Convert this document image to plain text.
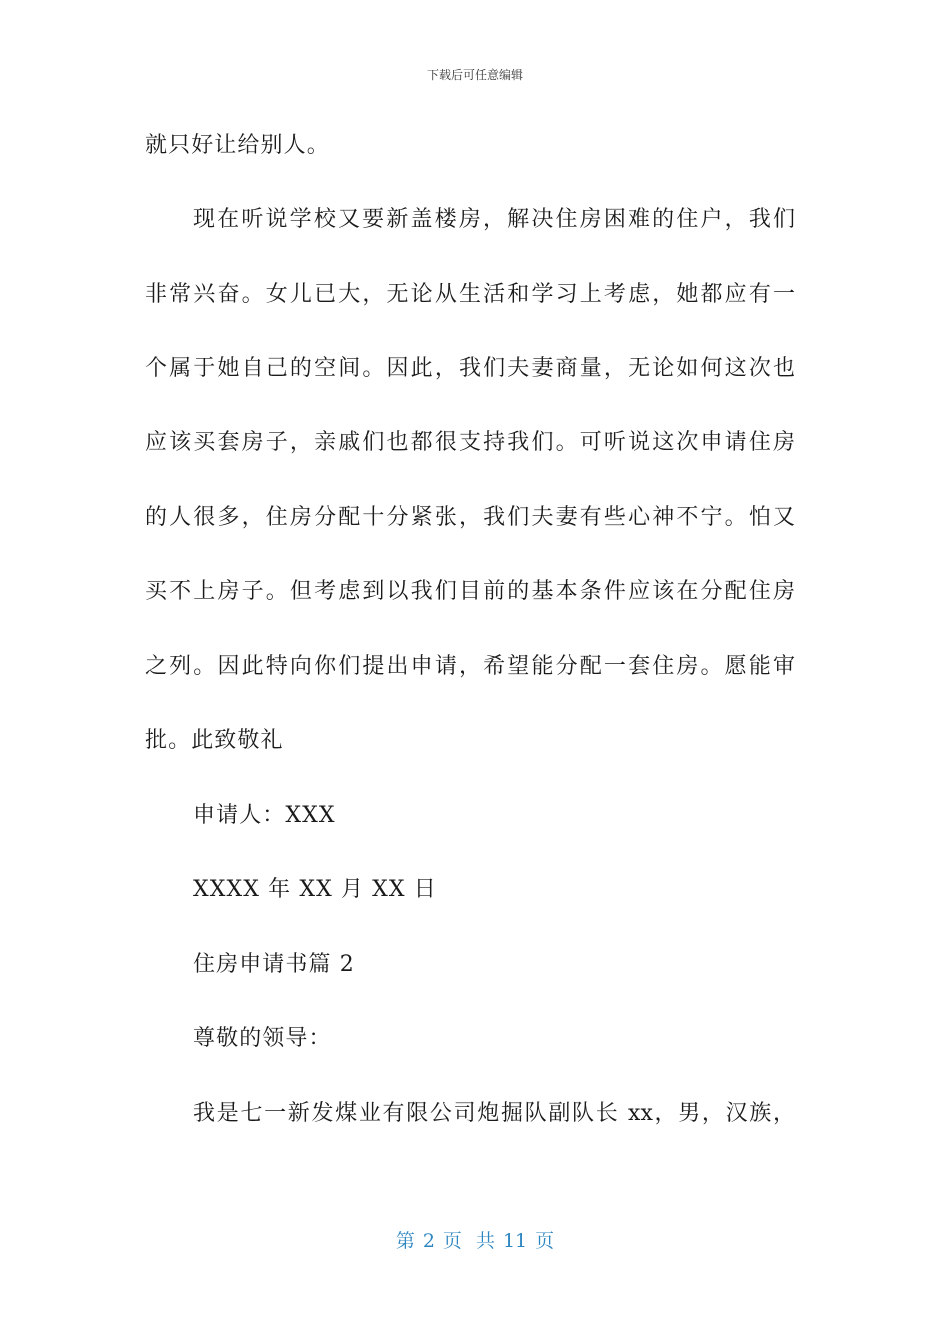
下载后可任意编辑
就只好让给别人。
现在听说学校又要新盖楼房，解决住房困难的住户，我们
非常兴奋。女儿已大，无论从生活和学习上考虑，她都应有一
个属于她自己的空间。因此，我们夫妻商量，无论如何这次也
应该买套房子，亲戚们也都很支持我们。可听说这次申请住房
的人很多，住房分配十分紧张，我们夫妻有些心神不宁。怕又
买不上房子。但考虑到以我们目前的基本条件应该在分配住房
之列。因此特向你们提出申请，希望能分配一套住房。愿能审
批。此致敬礼
申请人：XXX
XXXX 年 XX 月 XX 日
住房申请书篇 2
尊敬的领导：
我是七一新发煤业有限公司炮掘队副队长 xx，男，汉族，
第 2 页 共 11 页
